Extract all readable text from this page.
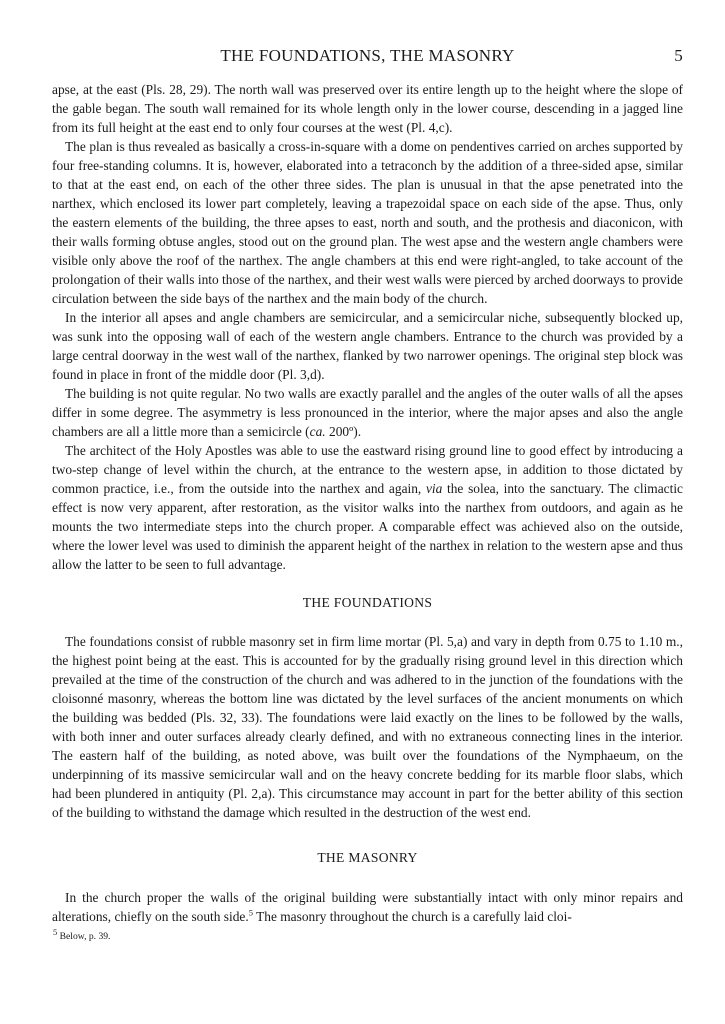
THE FOUNDATIONS, THE MASONRY	5

apse, at the east (Pls. 28, 29). The north wall was preserved over its entire length up to the height where the slope of the gable began. The south wall remained for its whole length only in the lower course, descending in a jagged line from its full height at the east end to only four courses at the west (Pl. 4,c).

The plan is thus revealed as basically a cross-in-square with a dome on pendentives carried on arches supported by four free-standing columns. It is, however, elaborated into a tetraconch by the addition of a three-sided apse, similar to that at the east end, on each of the other three sides. The plan is unusual in that the apse penetrated into the narthex, which enclosed its lower part completely, leaving a trapezoidal space on each side of the apse. Thus, only the eastern elements of the building, the three apses to east, north and south, and the prothesis and diaconicon, with their walls forming obtuse angles, stood out on the ground plan. The west apse and the western angle chambers were visible only above the roof of the narthex. The angle chambers at this end were right-angled, to take account of the prolongation of their walls into those of the narthex, and their west walls were pierced by arched doorways to provide circulation between the side bays of the narthex and the main body of the church.

In the interior all apses and angle chambers are semicircular, and a semicircular niche, subsequently blocked up, was sunk into the opposing wall of each of the western angle chambers. Entrance to the church was provided by a large central doorway in the west wall of the narthex, flanked by two narrower openings. The original step block was found in place in front of the middle door (Pl. 3,d).

The building is not quite regular. No two walls are exactly parallel and the angles of the outer walls of all the apses differ in some degree. The asymmetry is less pronounced in the interior, where the major apses and also the angle chambers are all a little more than a semicircle (ca. 200º).

The architect of the Holy Apostles was able to use the eastward rising ground line to good effect by introducing a two-step change of level within the church, at the entrance to the western apse, in addition to those dictated by common practice, i.e., from the outside into the narthex and again, via the solea, into the sanctuary. The climactic effect is now very apparent, after restoration, as the visitor walks into the narthex from outdoors, and again as he mounts the two intermediate steps into the church proper. A comparable effect was achieved also on the outside, where the lower level was used to diminish the apparent height of the narthex in relation to the western apse and thus allow the latter to be seen to full advantage.

THE FOUNDATIONS

The foundations consist of rubble masonry set in firm lime mortar (Pl. 5,a) and vary in depth from 0.75 to 1.10 m., the highest point being at the east. This is accounted for by the gradually rising ground level in this direction which prevailed at the time of the construction of the church and was adhered to in the junction of the foundations with the cloisonné masonry, whereas the bottom line was dictated by the level surfaces of the ancient monuments on which the building was bedded (Pls. 32, 33). The foundations were laid exactly on the lines to be followed by the walls, with both inner and outer surfaces already clearly defined, and with no extraneous connecting lines in the interior. The eastern half of the building, as noted above, was built over the foundations of the Nymphaeum, on the underpinning of its massive semicircular wall and on the heavy concrete bedding for its marble floor slabs, which had been plundered in antiquity (Pl. 2,a). This circumstance may account in part for the better ability of this section of the building to withstand the damage which resulted in the destruction of the west end.

THE MASONRY

In the church proper the walls of the original building were substantially intact with only minor repairs and alterations, chiefly on the south side.$^5$ The masonry throughout the church is a carefully laid cloi-

$^5$ Below, p. 39.
